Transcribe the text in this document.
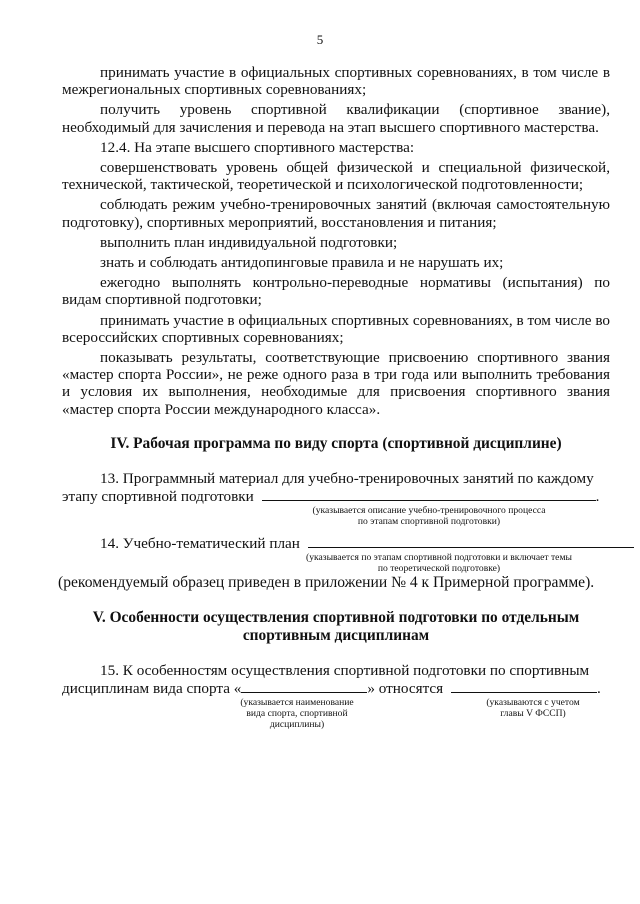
5

принимать участие в официальных спортивных соревнованиях, в том числе в межрегиональных спортивных соревнованиях;

получить уровень спортивной квалификации (спортивное звание), необходимый для зачисления и перевода на этап высшего спортивного мастерства.

12.4. На этапе высшего спортивного мастерства:

совершенствовать уровень общей физической и специальной физической, технической, тактической, теоретической и психологической подготовленности;

соблюдать режим учебно-тренировочных занятий (включая самостоятельную подготовку), спортивных мероприятий, восстановления и питания;

выполнить план индивидуальной подготовки;

знать и соблюдать антидопинговые правила и не нарушать их;

ежегодно выполнять контрольно-переводные нормативы (испытания) по видам спортивной подготовки;

принимать участие в официальных спортивных соревнованиях, в том числе во всероссийских спортивных соревнованиях;

показывать результаты, соответствующие присвоению спортивного звания «мастер спорта России», не реже одного раза в три года или выполнить требования и условия их выполнения, необходимые для присвоения спортивного звания «мастер спорта России международного класса».

IV. Рабочая программа по виду спорта (спортивной дисциплине)

13. Программный материал для учебно-тренировочных занятий по каждому
этапу спортивной подготовки	.
(указывается описание учебно-тренировочного процесса
по этапам спортивной подготовки)
14. Учебно-тематический план
(указывается по этапам спортивной подготовки и включает темы
по теоретической подготовке)
(рекомендуемый образец приведен в приложении № 4 к Примерной программе).

V. Особенности осуществления спортивной подготовки по отдельным
спортивным дисциплинам

15. К особенностям осуществления спортивной подготовки по спортивным
дисциплинам вида спорта «	» относятся	.
(указывается наименование
вида спорта, спортивной
дисциплины)
(указываются с учетом
главы V ФССП)
